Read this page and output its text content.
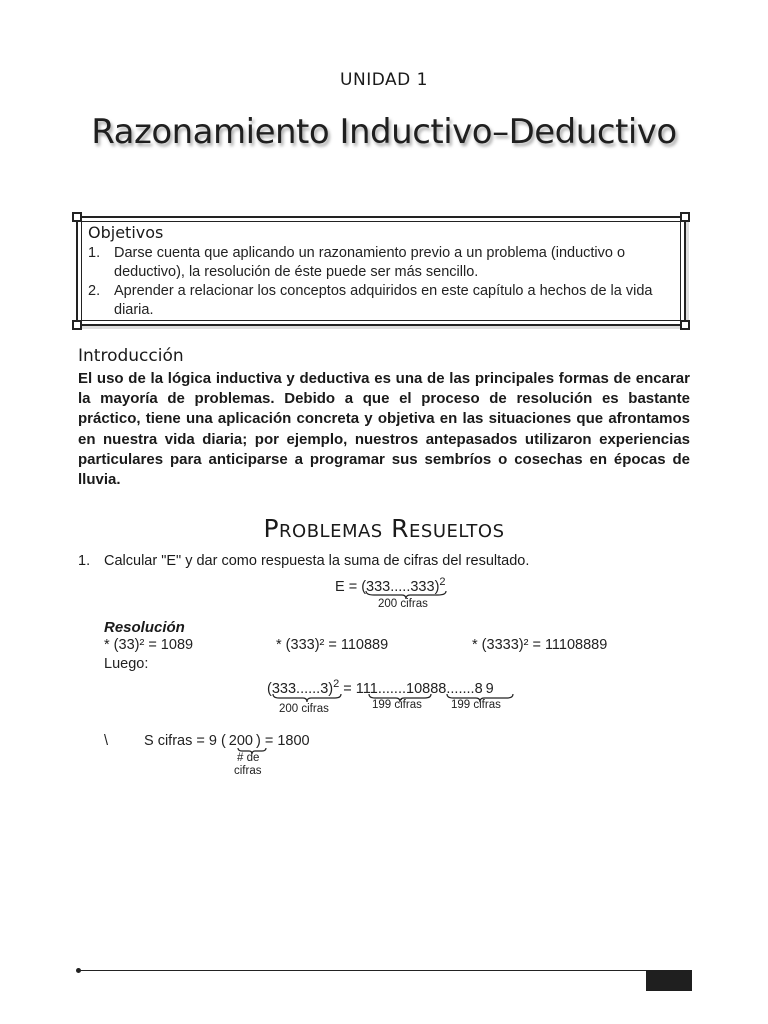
UNIDAD 1
Razonamiento Inductivo–Deductivo
Objetivos
1. Darse cuenta que aplicando un razonamiento previo a un problema (inductivo o deductivo), la resolución de éste puede ser más sencillo.
2. Aprender a relacionar los conceptos adquiridos en este capítulo a hechos de la vida diaria.
Introducción
El uso de la lógica inductiva y deductiva es una de las principales formas de encarar la mayoría de problemas. Debido a que el proceso de resolución es bastante práctico, tiene una aplicación concreta y objetiva en las situaciones que afrontamos en nuestra vida diaria; por ejemplo, nuestros antepasados utilizaron experiencias particulares para anticiparse a programar sus sembríos o cosechas en épocas de lluvia.
Problemas Resueltos
1. Calcular "E" y dar como respuesta la suma de cifras del resultado.
$E = (333.....333)^2$
200 cifras
Resolución
* (33)² = 1089	* (333)² = 110889	* (3333)² = 11108889
Luego:
$(333......3)^2 = 111.......10888.......8$ 9
200 cifras	199 cifras	199 cifras
\ S cifras = 9 ( 200 ) = 1800
# de
cifras
